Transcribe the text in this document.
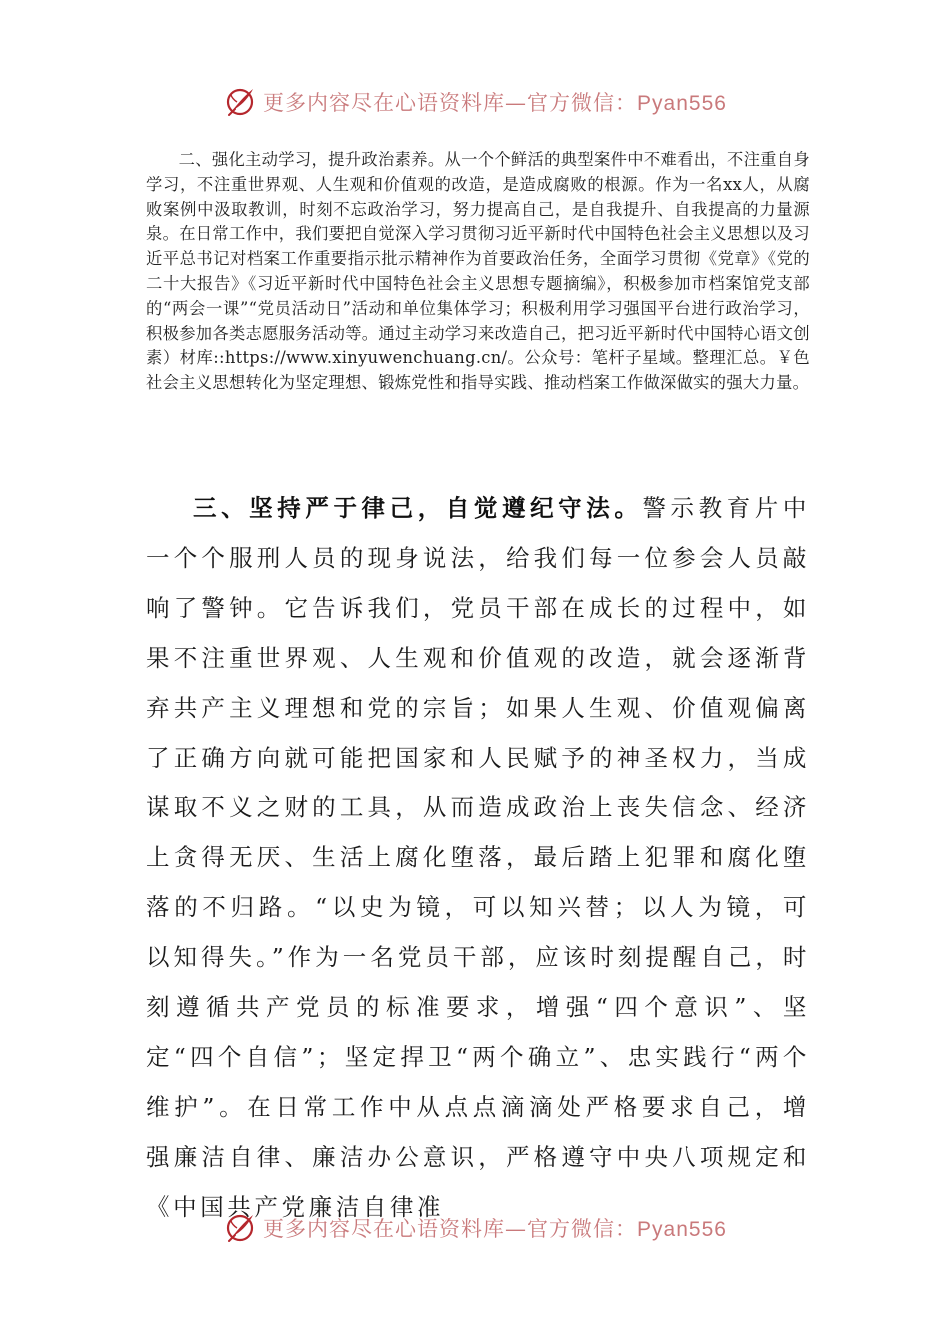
更多内容尽在心语资料库—官方微信：Pyan556

二、强化主动学习，提升政治素养。从一个个鲜活的典型案件中不难看出，不注重自身学习，不注重世界观、人生观和价值观的改造，是造成腐败的根源。作为一名xx人，从腐败案例中汲取教训，时刻不忘政治学习，努力提高自己，是自我提升、自我提高的力量源泉。在日常工作中，我们要把自觉深入学习贯彻习近平新时代中国特色社会主义思想以及习近平总书记对档案工作重要指示批示精神作为首要政治任务，全面学习贯彻《党章》《党的二十大报告》《习近平新时代中国特色社会主义思想专题摘编》，积极参加市档案馆党支部的“两会一课”“党员活动日”活动和单位集体学习；积极利用学习强国平台进行政治学习，积极参加各类志愿服务活动等。通过主动学习来改造自己，把习近平新时代中国特心语文创素）材库::https://www.xinyuwenchuang.cn/。公众号：笔杆子星域。整理汇总。￥色社会主义思想转化为坚定理想、锻炼党性和指导实践、推动档案工作做深做实的强大力量。

三、坚持严于律己，自觉遵纪守法。警示教育片中一个个服刑人员的现身说法，给我们每一位参会人员敲响了警钟。它告诉我们，党员干部在成长的过程中，如果不注重世界观、人生观和价值观的改造，就会逐渐背弃共产主义理想和党的宗旨；如果人生观、价值观偏离了正确方向就可能把国家和人民赋予的神圣权力，当成谋取不义之财的工具，从而造成政治上丧失信念、经济上贪得无厌、生活上腐化堕落，最后踏上犯罪和腐化堕落的不归路。“以史为镜，可以知兴替；以人为镜，可以知得失。”作为一名党员干部，应该时刻提醒自己，时刻遵循共产党员的标准要求，增强“四个意识”、坚定“四个自信”；坚定捍卫“两个确立”、忠实践行“两个维护”。在日常工作中从点点滴滴处严格要求自己，增强廉洁自律、廉洁办公意识，严格遵守中央八项规定和《中国共产党廉洁自律准

更多内容尽在心语资料库—官方微信：Pyan556
